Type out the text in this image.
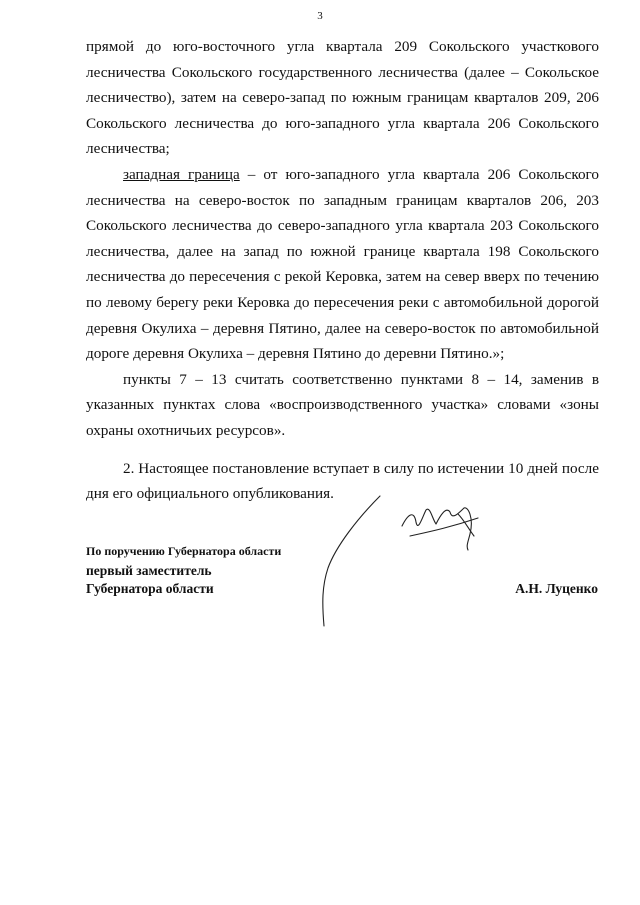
3

прямой до юго-восточного угла квартала 209 Сокольского участкового лесничества Сокольского государственного лесничества (далее – Сокольское лесничество), затем на северо-запад по южным границам кварталов 209, 206 Сокольского лесничества до юго-западного угла квартала 206 Сокольского лесничества;

западная граница – от юго-западного угла квартала 206 Сокольского лесничества на северо-восток по западным границам кварталов 206, 203 Сокольского лесничества до северо-западного угла квартала 203 Сокольского лесничества, далее на запад по южной границе квартала 198 Сокольского лесничества до пересечения с рекой Керовка, затем на север вверх по течению по левому берегу реки Керовка до пересечения реки с автомобильной дорогой деревня Окулиха – деревня Пятино, далее на северо-восток по автомобильной дороге деревня Окулиха – деревня Пятино до деревни Пятино.»;

пункты 7 – 13 считать соответственно пунктами 8 – 14, заменив в указанных пунктах слова «воспроизводственного участка» словами «зоны охраны охотничьих ресурсов».

2. Настоящее постановление вступает в силу по истечении 10 дней после дня его официального опубликования.

По поручению Губернатора области
первый заместитель
Губернатора области	А.Н. Луценко
